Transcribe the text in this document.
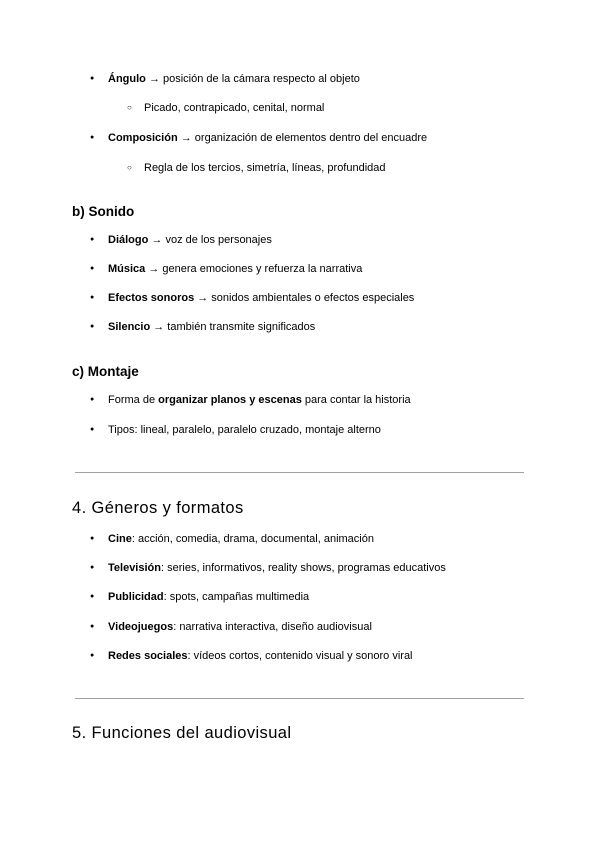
●
Ángulo → posición de la cámara respecto al objeto
○
Picado, contrapicado, cenital, normal
●
Composición → organización de elementos dentro del encuadre
○
Regla de los tercios, simetría, líneas, profundidad
b) Sonido
●
Diálogo → voz de los personajes
●
Música → genera emociones y refuerza la narrativa
●
Efectos sonoros → sonidos ambientales o efectos especiales
●
Silencio → también transmite significados
c) Montaje
●
Forma de organizar planos y escenas para contar la historia
●
Tipos: lineal, paralelo, paralelo cruzado, montaje alterno
4. Géneros y formatos
●
Cine: acción, comedia, drama, documental, animación
●
Televisión: series, informativos, reality shows, programas educativos
●
Publicidad: spots, campañas multimedia
●
Videojuegos: narrativa interactiva, diseño audiovisual
●
Redes sociales: vídeos cortos, contenido visual y sonoro viral
5. Funciones del audiovisual
